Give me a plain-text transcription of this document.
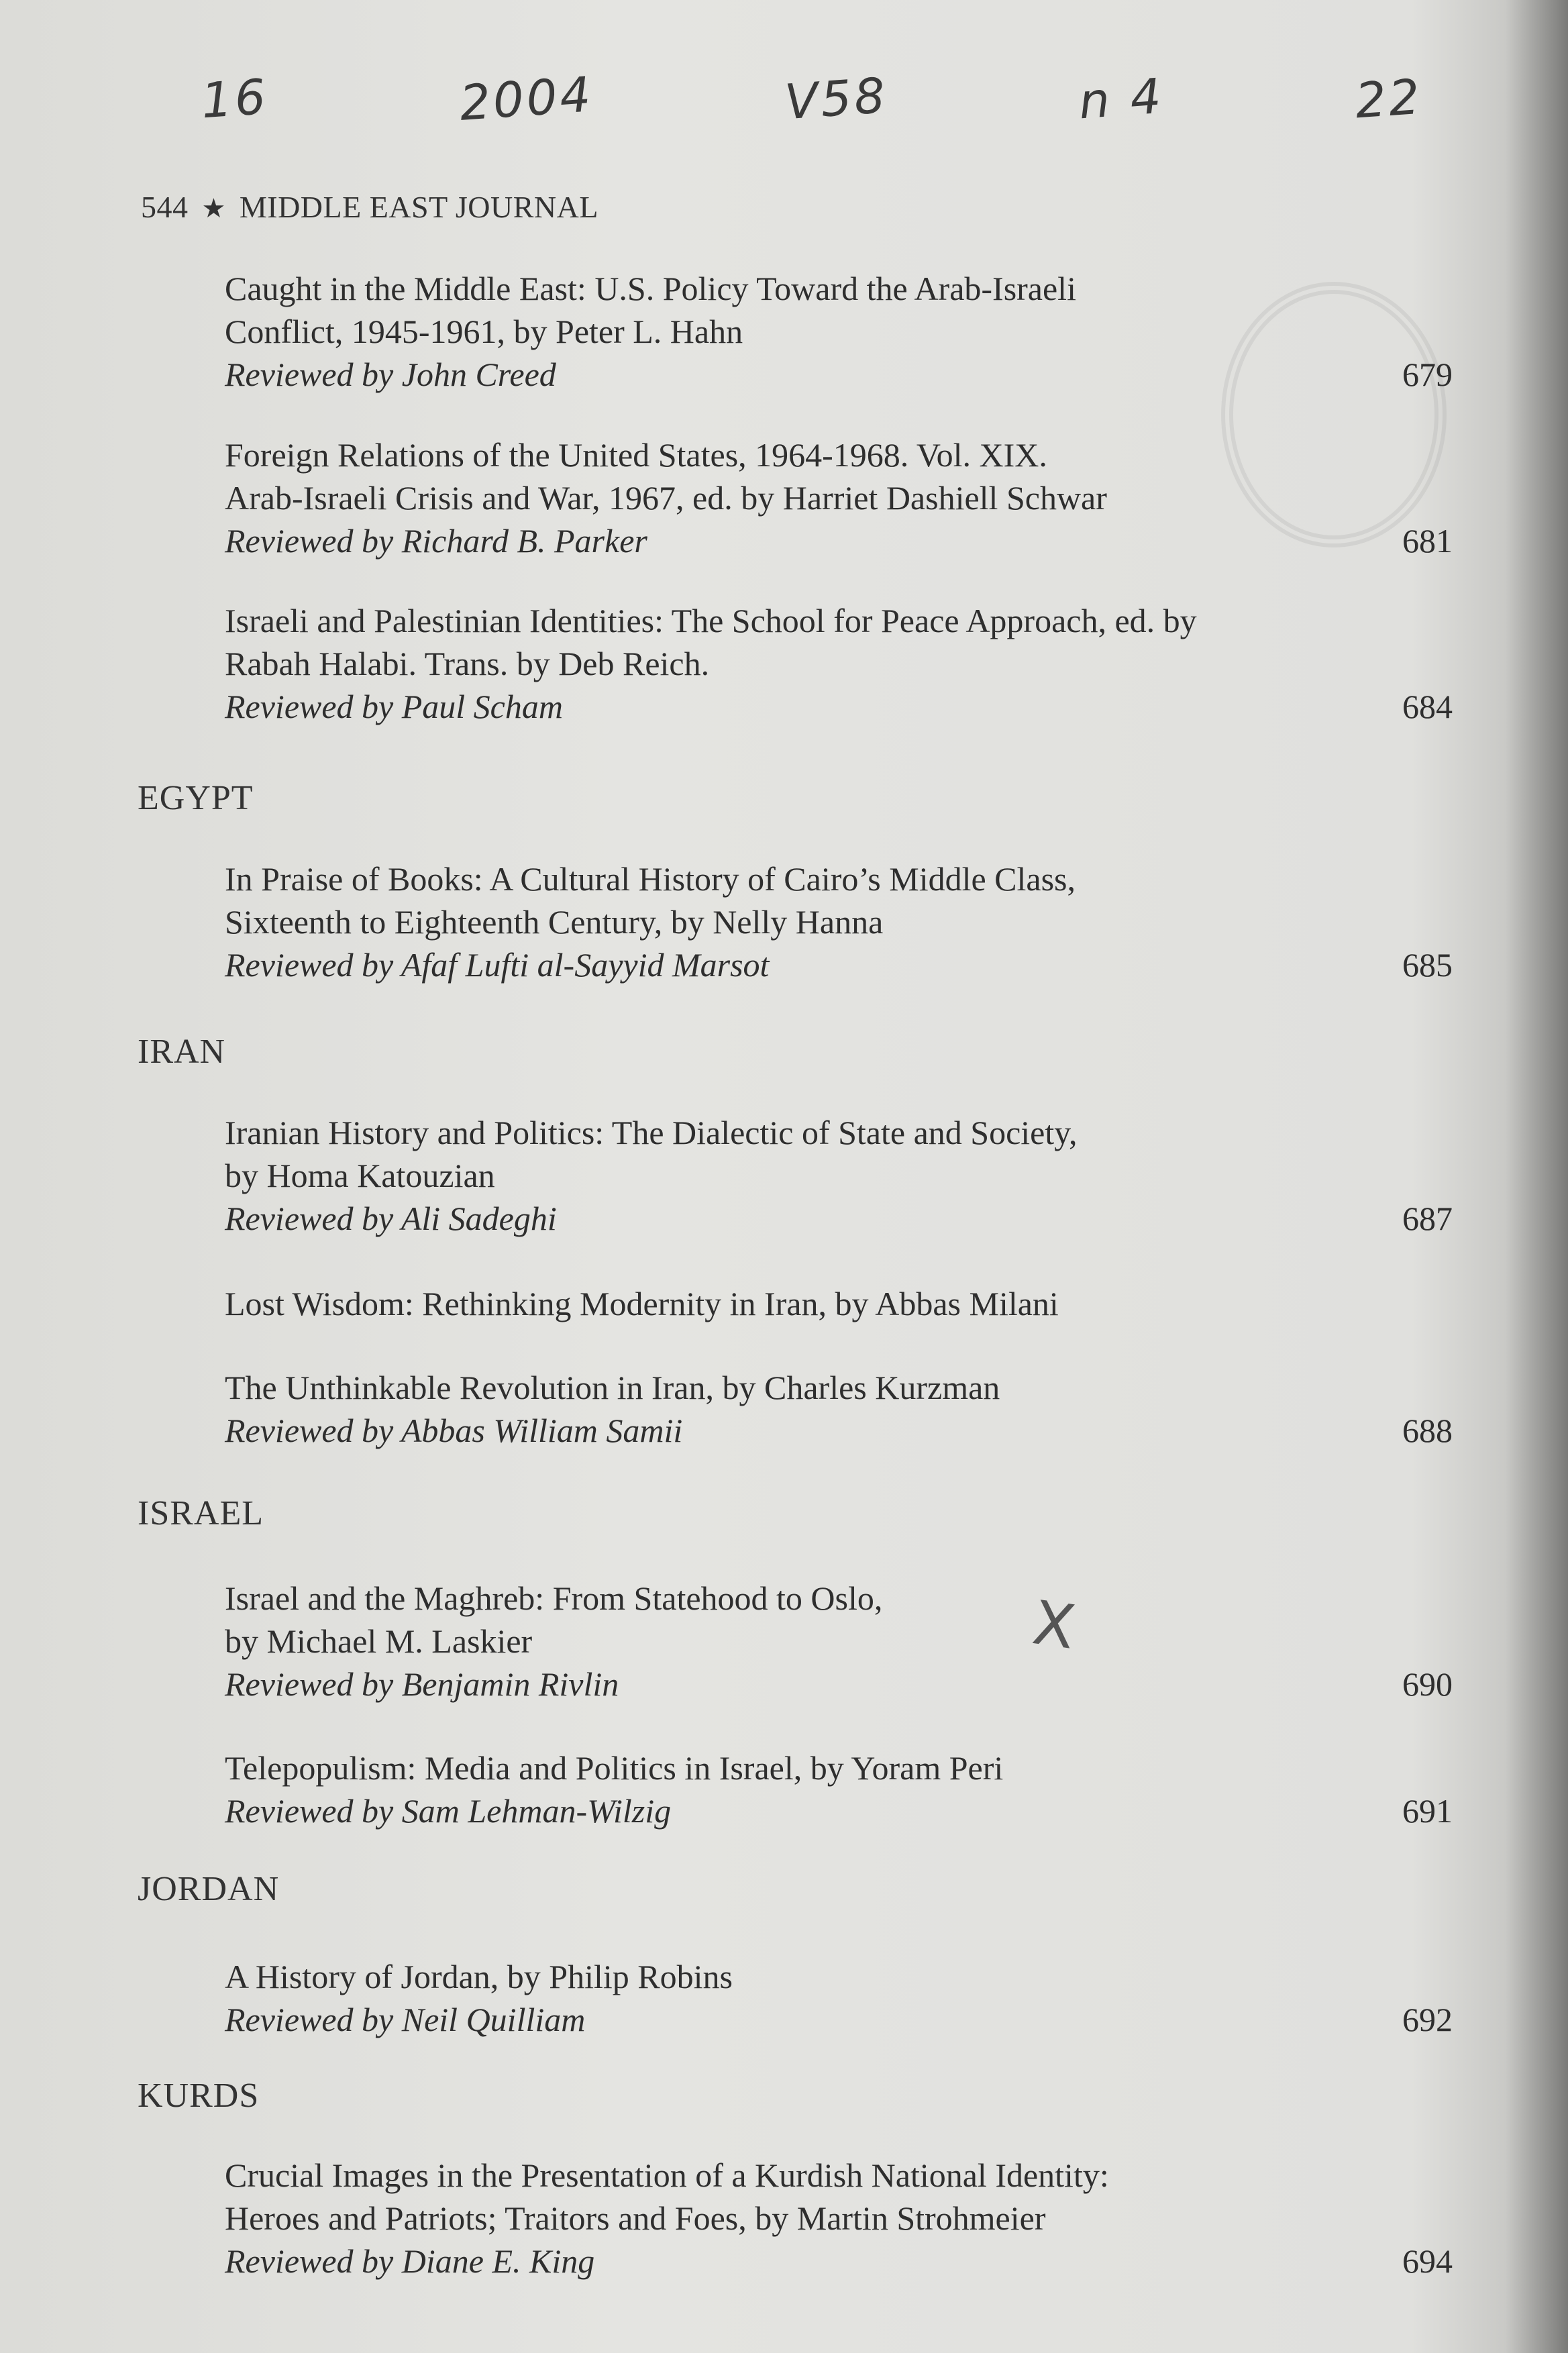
16	2004	V58	n 4	22
544 ★ MIDDLE EAST JOURNAL
Caught in the Middle East: U.S. Policy Toward the Arab-Israeli
Conflict, 1945-1961, by Peter L. Hahn
Reviewed by John Creed	679
Foreign Relations of the United States, 1964-1968. Vol. XIX.
Arab-Israeli Crisis and War, 1967, ed. by Harriet Dashiell Schwar
Reviewed by Richard B. Parker	681
Israeli and Palestinian Identities: The School for Peace Approach, ed. by
Rabah Halabi. Trans. by Deb Reich.
Reviewed by Paul Scham	684
EGYPT
In Praise of Books: A Cultural History of Cairo’s Middle Class,
Sixteenth to Eighteenth Century, by Nelly Hanna
Reviewed by Afaf Lufti al-Sayyid Marsot	685
IRAN
Iranian History and Politics: The Dialectic of State and Society,
by Homa Katouzian
Reviewed by Ali Sadeghi	687
Lost Wisdom: Rethinking Modernity in Iran, by Abbas Milani
The Unthinkable Revolution in Iran, by Charles Kurzman
Reviewed by Abbas William Samii	688
ISRAEL
Israel and the Maghreb: From Statehood to Oslo,
by Michael M. Laskier
Reviewed by Benjamin Rivlin	690
Telepopulism: Media and Politics in Israel, by Yoram Peri
Reviewed by Sam Lehman-Wilzig	691
JORDAN
A History of Jordan, by Philip Robins
Reviewed by Neil Quilliam	692
KURDS
Crucial Images in the Presentation of a Kurdish National Identity:
Heroes and Patriots; Traitors and Foes, by Martin Strohmeier
Reviewed by Diane E. King	694
X
